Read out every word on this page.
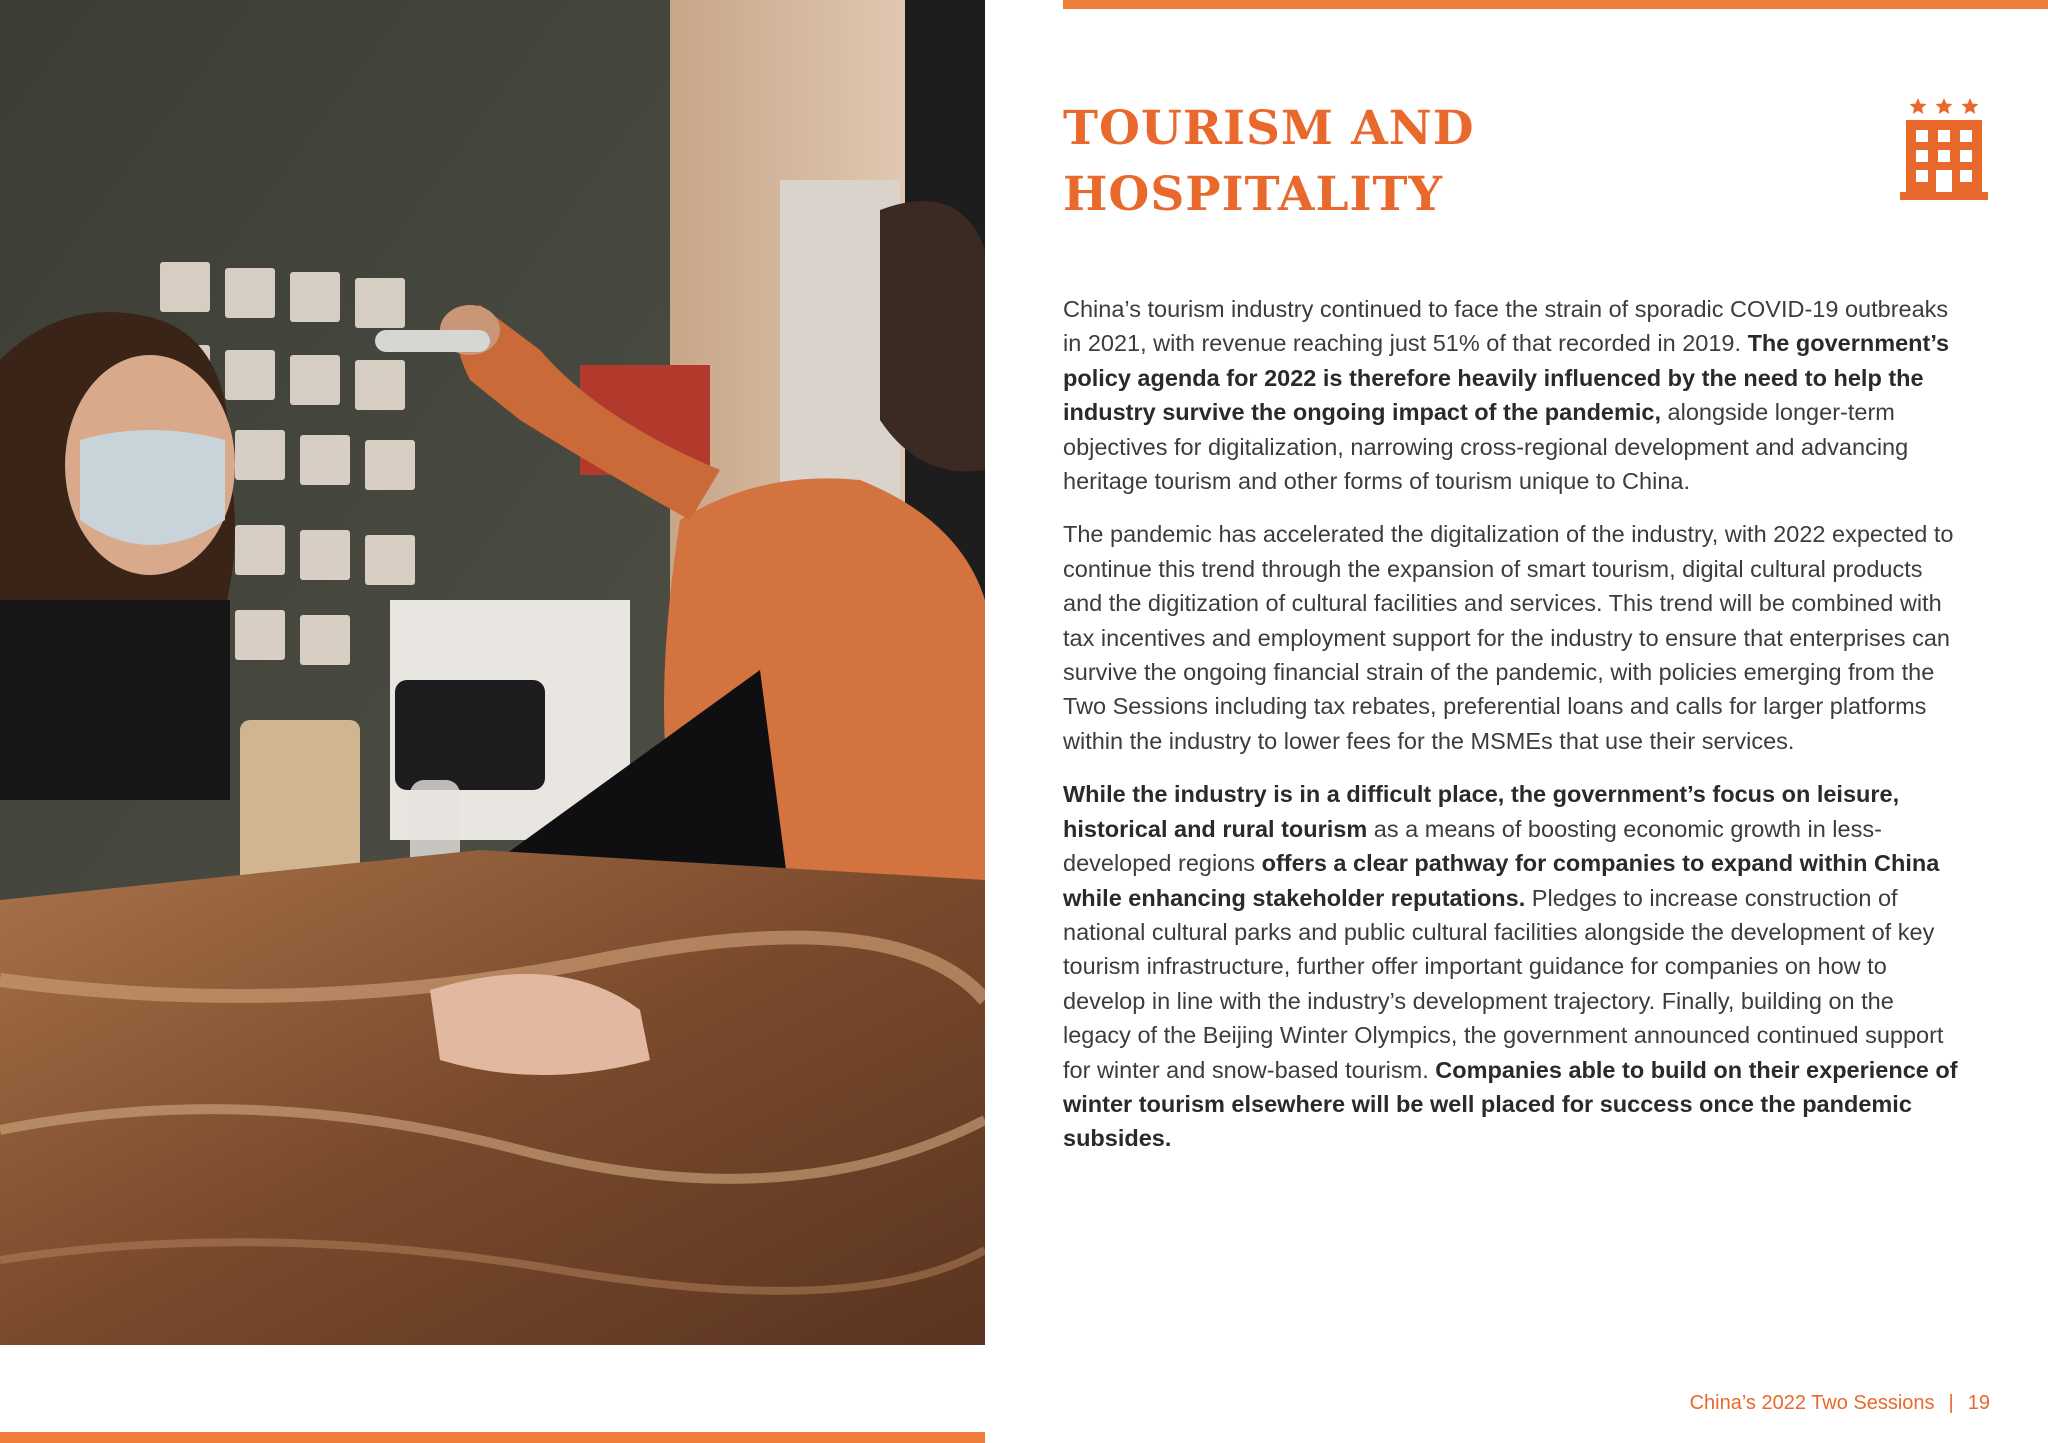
TOURISM AND
HOSPITALITY

China’s tourism industry continued to face the strain of sporadic COVID-19 outbreaks in 2021, with revenue reaching just 51% of that recorded in 2019. The government’s policy agenda for 2022 is therefore heavily influenced by the need to help the industry survive the ongoing impact of the pandemic, alongside longer-term objectives for digitalization, narrowing cross-regional development and advancing heritage tourism and other forms of tourism unique to China.

The pandemic has accelerated the digitalization of the industry, with 2022 expected to continue this trend through the expansion of smart tourism, digital cultural products and the digitization of cultural facilities and services. This trend will be combined with tax incentives and employment support for the industry to ensure that enterprises can survive the ongoing financial strain of the pandemic, with policies emerging from the Two Sessions including tax rebates, preferential loans and calls for larger platforms within the industry to lower fees for the MSMEs that use their services.

While the industry is in a difficult place, the government’s focus on leisure, historical and rural tourism as a means of boosting economic growth in less-developed regions offers a clear pathway for companies to expand within China while enhancing stakeholder reputations. Pledges to increase construction of national cultural parks and public cultural facilities alongside the development of key tourism infrastructure, further offer important guidance for companies on how to develop in line with the industry’s development trajectory. Finally, building on the legacy of the Beijing Winter Olympics, the government announced continued support for winter and snow-based tourism. Companies able to build on their experience of winter tourism elsewhere will be well placed for success once the pandemic subsides.

China’s 2022 Two Sessions | 19
